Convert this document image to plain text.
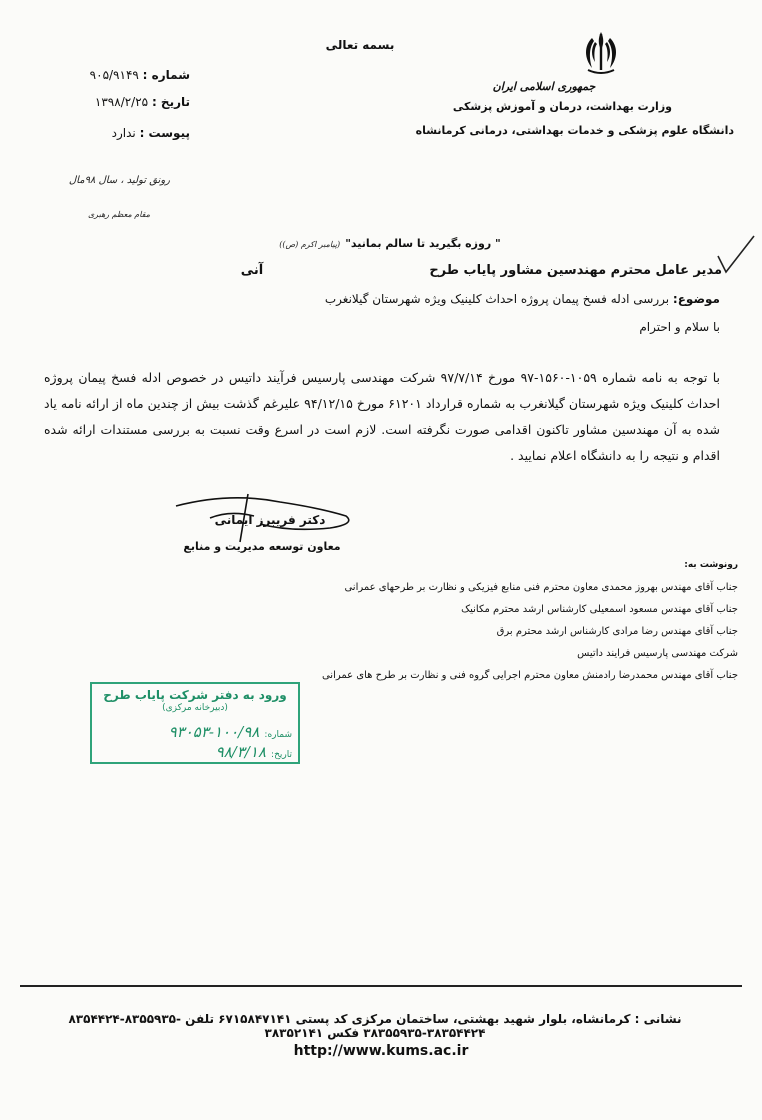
بسمه تعالی
جمهوری اسلامی ایران
وزارت بهداشت، درمان و آموزش پزشکی
دانشگاه علوم پزشکی و خدمات بهداشتی، درمانی کرمانشاه
شماره : ۹۰۵/۹۱۴۹
تاریخ : ۱۳۹۸/۲/۲۵
پیوست : ندارد
رونق تولید ، سال ۹۸مال
مقام معظم رهبری
" روزه بگیرید تا سالم بمانید" (پیامبر اکرم (ص))
مدیر عامل محترم مهندسین مشاور پایاب طرح
آنی
موضوع: بررسی ادله فسخ پیمان پروژه احداث کلینیک ویژه شهرستان گیلانغرب
با سلام و احترام
با توجه به نامه شماره ۱۰۵۹-۱۵۶۰-۹۷ مورخ ۹۷/۷/۱۴ شرکت مهندسی پارسیس فرآیند داتیس در خصوص ادله فسخ پیمان پروژه احداث کلینیک ویژه شهرستان گیلانغرب به شماره قرارداد ۶۱۲۰۱ مورخ ۹۴/۱۲/۱۵ علیرغم گذشت بیش از چندین ماه از ارائه نامه یاد شده به آن مهندسین مشاور تاکنون اقدامی صورت نگرفته است. لازم است در اسرع وقت نسبت به بررسی مستندات ارائه شده اقدام و نتیجه را به دانشگاه اعلام نمایید .
دکتر فریبرز ایمانی
معاون توسعه مدیریت و منابع
رونوشت به:
جناب آقای مهندس بهروز محمدی معاون محترم فنی منابع فیزیکی و نظارت بر طرحهای عمرانی
جناب آقای مهندس مسعود اسمعیلی کارشناس ارشد محترم مکانیک
جناب آقای مهندس رضا مرادی کارشناس ارشد محترم برق
شرکت مهندسی پارسیس فرایند داتیس
جناب آقای مهندس محمدرضا رادمنش معاون محترم اجرایی گروه فنی و نظارت بر طرح های عمرانی
ورود به دفتر شرکت پایاب طرح
(دبیرخانه مرکزی)
شماره: ۱۰۰/۹۸-۹۳۰۵۳
تاریخ: ۹۸/۳/۱۸
نشانی : کرمانشاه، بلوار شهید بهشتی، ساختمان مرکزی کد پستی ۶۷۱۵۸۴۷۱۴۱ تلفن -۸۳۵۵۹۳۵-۸۳۵۴۴۲۴ ۳۸۳۵۴۴۲۴-۳۸۳۵۵۹۳۵ فکس ۳۸۳۵۲۱۴۱
http://www.kums.ac.ir
